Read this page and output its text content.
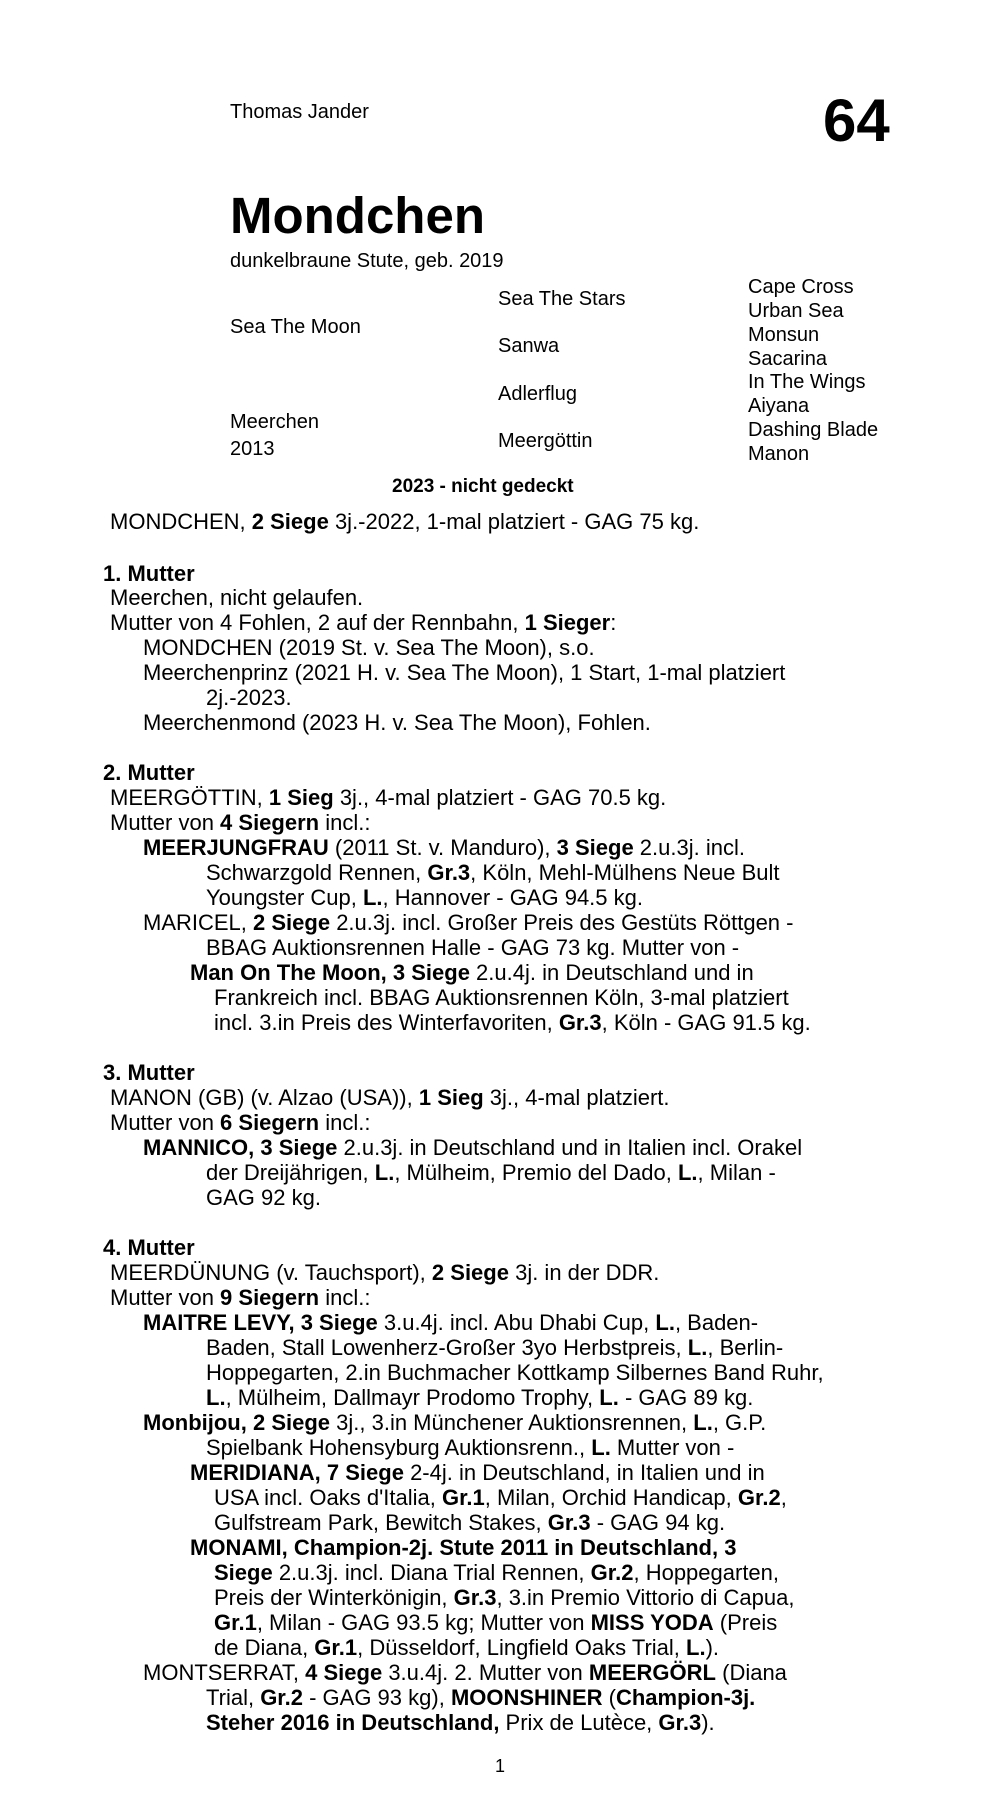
Thomas Jander	64
Mondchen
dunkelbraune Stute, geb. 2019
Sea The Moon
Meerchen
2013
Sea The Stars
Sanwa
Adlerflug
Meergöttin
Cape Cross
Urban Sea
Monsun
Sacarina
In The Wings
Aiyana
Dashing Blade
Manon
2023 - nicht gedeckt
MONDCHEN, 2 Siege 3j.-2022, 1-mal platziert - GAG 75 kg.
1. Mutter
Meerchen, nicht gelaufen.
Mutter von 4 Fohlen, 2 auf der Rennbahn, 1 Sieger:
MONDCHEN (2019 St. v. Sea The Moon), s.o.
Meerchenprinz (2021 H. v. Sea The Moon), 1 Start, 1-mal platziert
2j.-2023.
Meerchenmond (2023 H. v. Sea The Moon), Fohlen.
2. Mutter
MEERGÖTTIN, 1 Sieg 3j., 4-mal platziert - GAG 70.5 kg.
Mutter von 4 Siegern incl.:
MEERJUNGFRAU (2011 St. v. Manduro), 3 Siege 2.u.3j. incl.
Schwarzgold Rennen, Gr.3, Köln, Mehl-Mülhens Neue Bult
Youngster Cup, L., Hannover - GAG 94.5 kg.
MARICEL, 2 Siege 2.u.3j. incl. Großer Preis des Gestüts Röttgen -
BBAG Auktionsrennen Halle - GAG 73 kg. Mutter von -
Man On The Moon, 3 Siege 2.u.4j. in Deutschland und in
Frankreich incl. BBAG Auktionsrennen Köln, 3-mal platziert
incl. 3.in Preis des Winterfavoriten, Gr.3, Köln - GAG 91.5 kg.
3. Mutter
MANON (GB) (v. Alzao (USA)), 1 Sieg 3j., 4-mal platziert.
Mutter von 6 Siegern incl.:
MANNICO, 3 Siege 2.u.3j. in Deutschland und in Italien incl. Orakel
der Dreijährigen, L., Mülheim, Premio del Dado, L., Milan -
GAG 92 kg.
4. Mutter
MEERDÜNUNG (v. Tauchsport), 2 Siege 3j. in der DDR.
Mutter von 9 Siegern incl.:
MAITRE LEVY, 3 Siege 3.u.4j. incl. Abu Dhabi Cup, L., Baden-
Baden, Stall Lowenherz-Großer 3yo Herbstpreis, L., Berlin-
Hoppegarten, 2.in Buchmacher Kottkamp Silbernes Band Ruhr,
L., Mülheim, Dallmayr Prodomo Trophy, L. - GAG 89 kg.
Monbijou, 2 Siege 3j., 3.in Münchener Auktionsrennen, L., G.P.
Spielbank Hohensyburg Auktionsrenn., L. Mutter von -
MERIDIANA, 7 Siege 2-4j. in Deutschland, in Italien und in
USA incl. Oaks d'Italia, Gr.1, Milan, Orchid Handicap, Gr.2,
Gulfstream Park, Bewitch Stakes, Gr.3 - GAG 94 kg.
MONAMI, Champion-2j. Stute 2011 in Deutschland, 3
Siege 2.u.3j. incl. Diana Trial Rennen, Gr.2, Hoppegarten,
Preis der Winterkönigin, Gr.3, 3.in Premio Vittorio di Capua,
Gr.1, Milan - GAG 93.5 kg; Mutter von MISS YODA (Preis
de Diana, Gr.1, Düsseldorf, Lingfield Oaks Trial, L.).
MONTSERRAT, 4 Siege 3.u.4j. 2. Mutter von MEERGÖRL (Diana
Trial, Gr.2 - GAG 93 kg), MOONSHINER (Champion-3j.
Steher 2016 in Deutschland, Prix de Lutèce, Gr.3).
1
